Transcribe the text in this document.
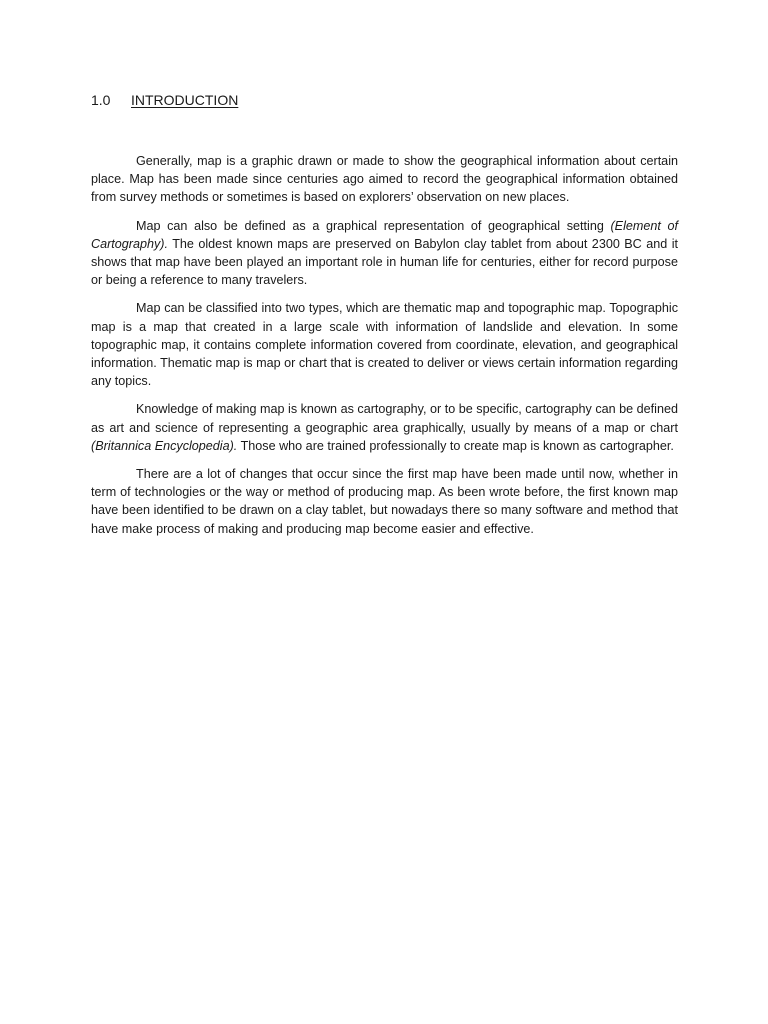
1.0 INTRODUCTION

Generally, map is a graphic drawn or made to show the geographical information about certain place. Map has been made since centuries ago aimed to record the geographical information obtained from survey methods or sometimes is based on explorers’ observation on new places.

Map can also be defined as a graphical representation of geographical setting (Element of Cartography). The oldest known maps are preserved on Babylon clay tablet from about 2300 BC and it shows that map have been played an important role in human life for centuries, either for record purpose or being a reference to many travelers.

Map can be classified into two types, which are thematic map and topographic map. Topographic map is a map that created in a large scale with information of landslide and elevation. In some topographic map, it contains complete information covered from coordinate, elevation, and geographical information. Thematic map is map or chart that is created to deliver or views certain information regarding any topics.

Knowledge of making map is known as cartography, or to be specific, cartography can be defined as art and science of representing a geographic area graphically, usually by means of a map or chart (Britannica Encyclopedia). Those who are trained professionally to create map is known as cartographer.

There are a lot of changes that occur since the first map have been made until now, whether in term of technologies or the way or method of producing map. As been wrote before, the first known map have been identified to be drawn on a clay tablet, but nowadays there so many software and method that have make process of making and producing map become easier and effective.
